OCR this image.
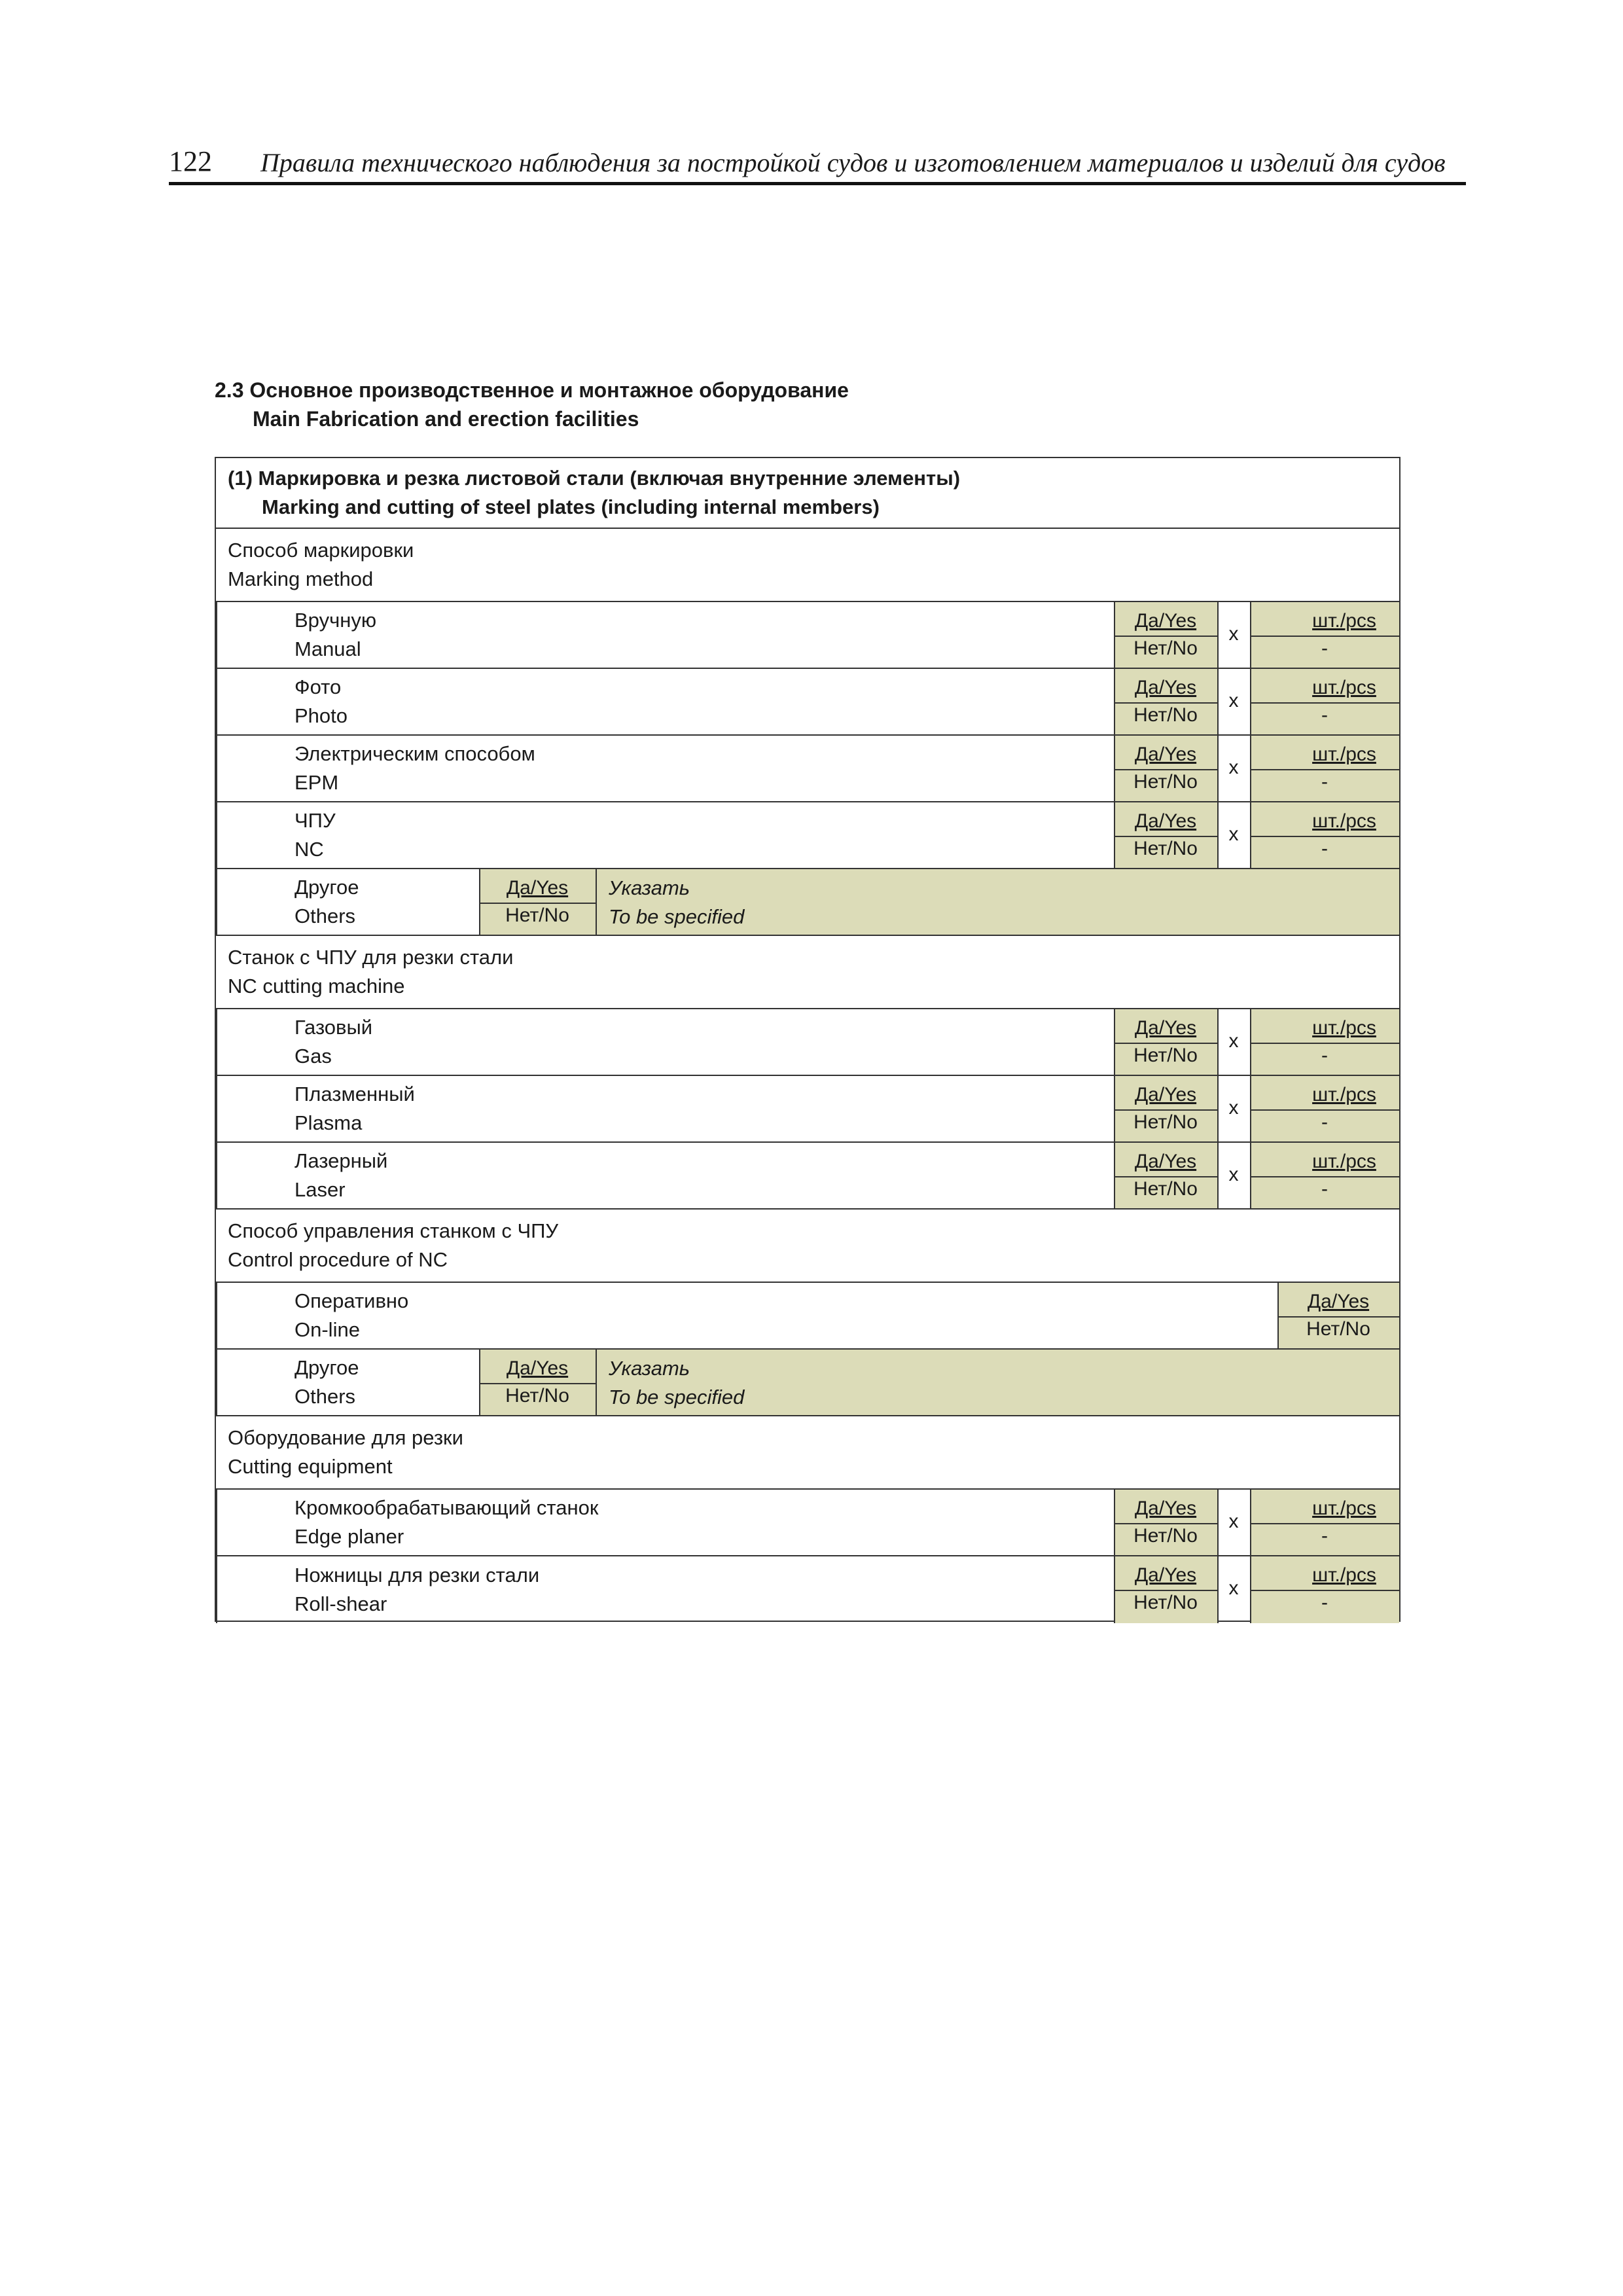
122 Правила технического наблюдения за постройкой судов и изготовлением материалов и изделий для судов
2.3 Основное производственное и монтажное оборудование
Main Fabrication and erection facilities
(1) Маркировка и резка листовой стали (включая внутренние элементы)
Marking and cutting of steel plates (including internal members)
Способ маркировки
Marking method
Вручную
Manual
Да/Yes
Нет/No
x
шт./pcs
-
Фото
Photo
Да/Yes
Нет/No
x
шт./pcs
-
Электрическим способом
EPM
Да/Yes
Нет/No
x
шт./pcs
-
ЧПУ
NC
Да/Yes
Нет/No
x
шт./pcs
-
Другое
Others
Да/Yes
Нет/No
Указать
To be specified
Станок с ЧПУ для резки стали
NC cutting machine
Газовый
Gas
Да/Yes
Нет/No
x
шт./pcs
-
Плазменный
Plasma
Да/Yes
Нет/No
x
шт./pcs
-
Лазерный
Laser
Да/Yes
Нет/No
x
шт./pcs
-
Способ управления станком с ЧПУ
Control procedure of NC
Оперативно
On-line
Да/Yes
Нет/No
Другое
Others
Да/Yes
Нет/No
Указать
To be specified
Оборудование для резки
Cutting equipment
Кромкообрабатывающий станок
Edge planer
Да/Yes
Нет/No
x
шт./pcs
-
Ножницы для резки стали
Roll-shear
Да/Yes
Нет/No
x
шт./pcs
-
